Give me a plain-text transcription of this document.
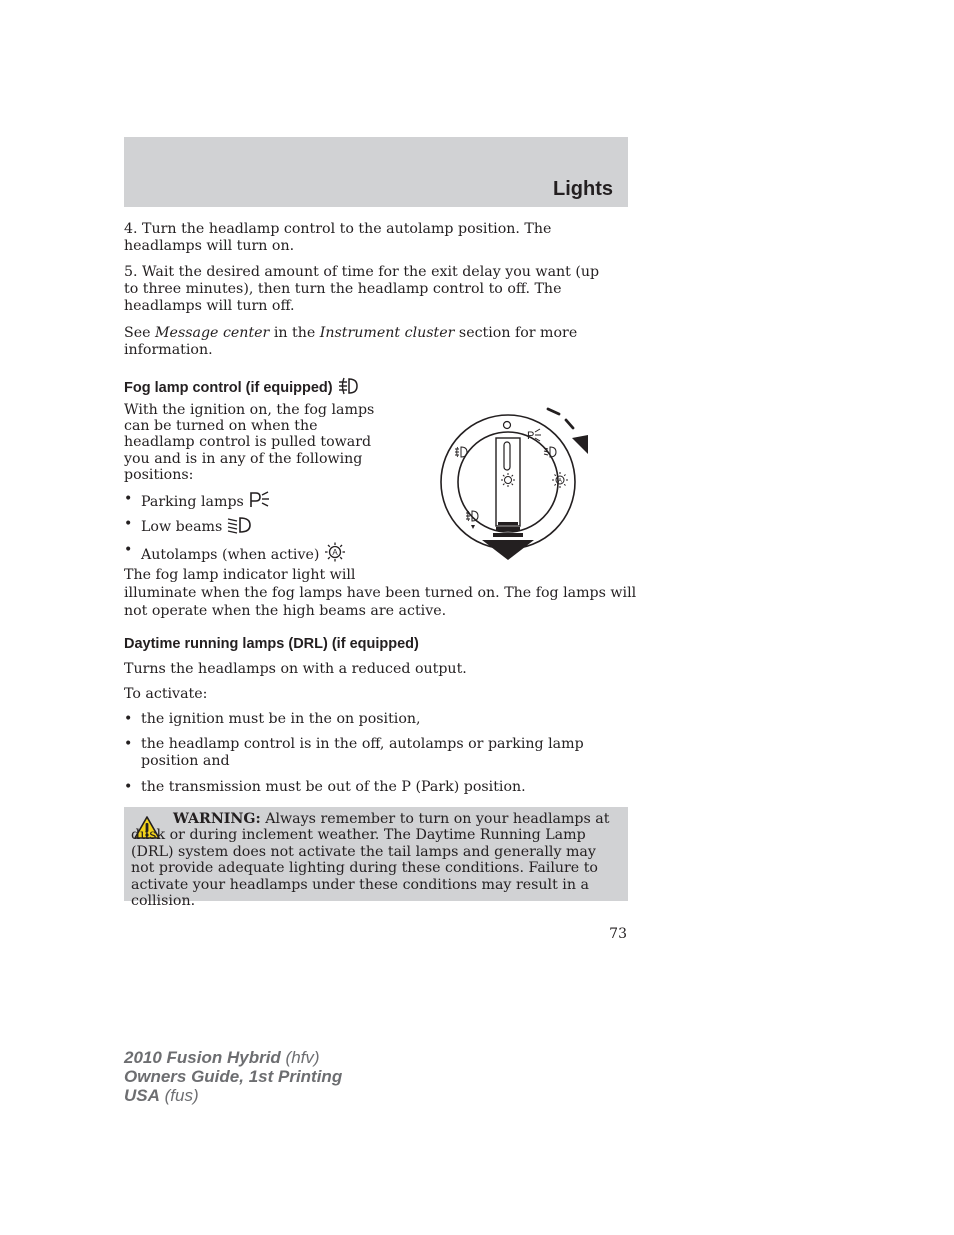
Lights

4. Turn the headlamp control to the autolamp position. The headlamps will turn on.

5. Wait the desired amount of time for the exit delay you want (up to three minutes), then turn the headlamp control to off. The headlamps will turn off.

See Message center in the Instrument cluster section for more information.

Fog lamp control (if equipped)

With the ignition on, the fog lamps

can be turned on when the

headlamp control is pulled toward

you and is in any of the following

positions:

• Parking lamps
• Low beams
• Autolamps (when active) A

The fog lamp indicator light will

illuminate when the fog lamps have been turned on. The fog lamps will

not operate when the high beams are active.

P
A
Daytime running lamps (DRL) (if equipped)

Turns the headlamps on with a reduced output.

To activate:

• the ignition must be in the on position,
• the headlamp control is in the off, autolamps or parking lamp position and
• the transmission must be out of the P (Park) position.

WARNING: Always remember to turn on your headlamps at dusk or during inclement weather. The Daytime Running Lamp (DRL) system does not activate the tail lamps and generally may not provide adequate lighting during these conditions. Failure to activate your headlamps under these conditions may result in a collision.

73
2010 Fusion Hybrid (hfv)
Owners Guide, 1st Printing
USA (fus)
